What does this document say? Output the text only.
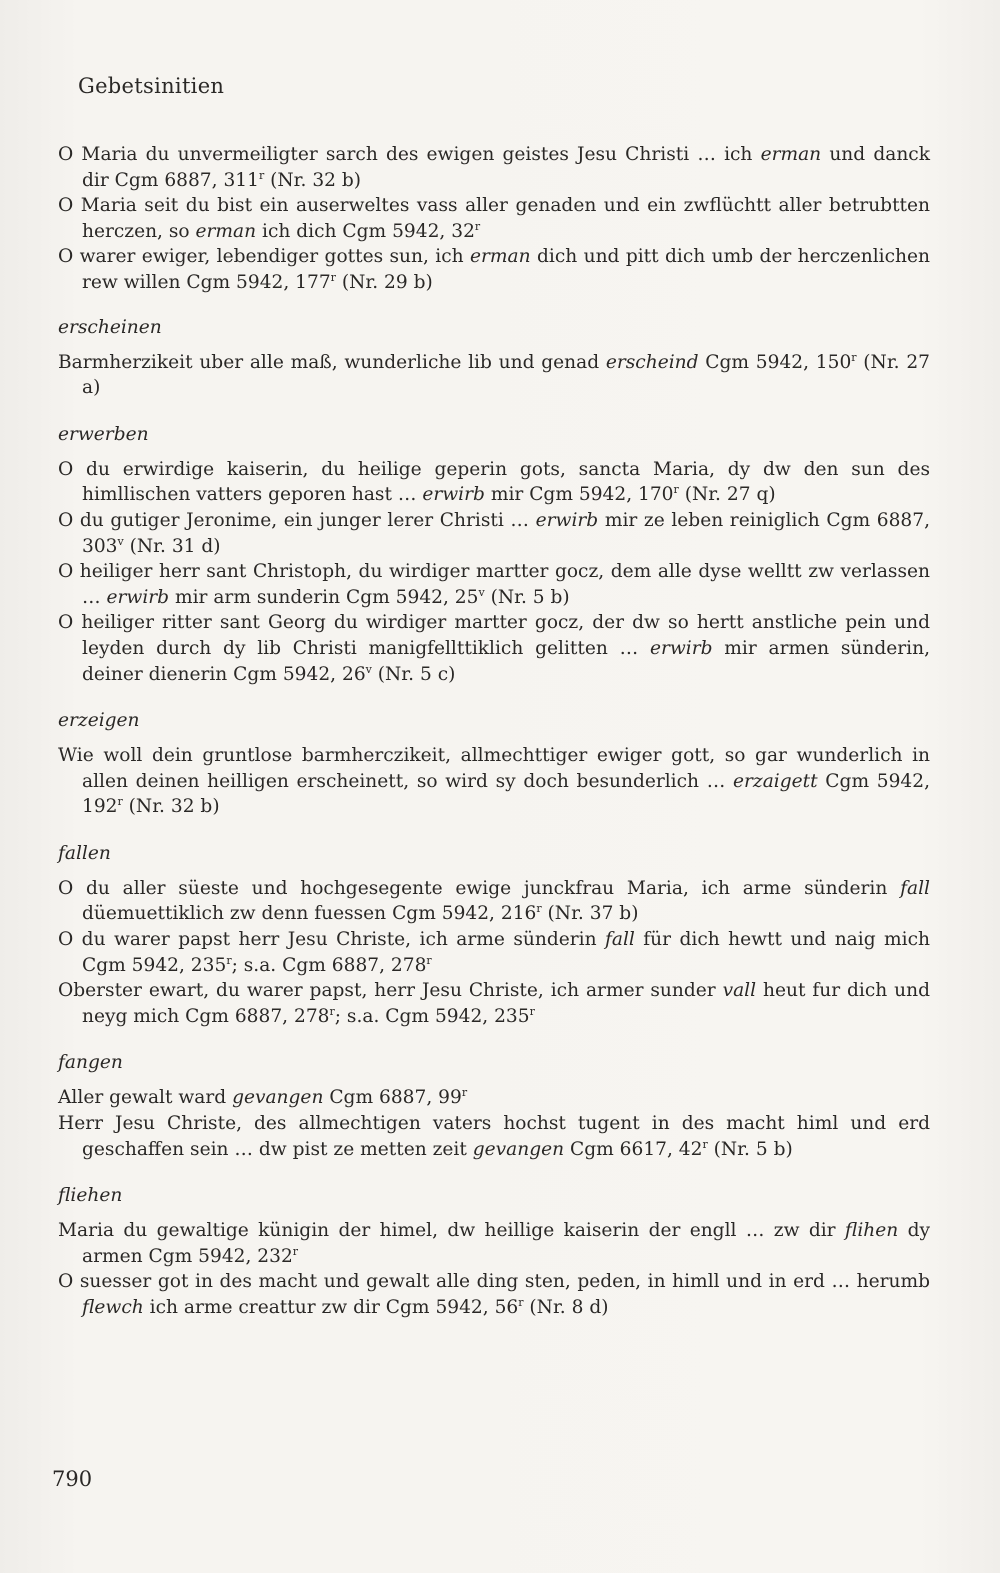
Gebetsinitien

O Maria du unvermeiligter sarch des ewigen geistes Jesu Christi … ich erman und danck dir Cgm 6887, 311$^r$ (Nr. 32 b)

O Maria seit du bist ein auserweltes vass aller genaden und ein zwflüchtt aller betrubtten herczen, so erman ich dich Cgm 5942, 32$^r$

O warer ewiger, lebendiger gottes sun, ich erman dich und pitt dich umb der herczenlichen rew willen Cgm 5942, 177$^r$ (Nr. 29 b)

erscheinen

Barmherzikeit uber alle maß, wunderliche lib und genad erscheind Cgm 5942, 150$^r$ (Nr. 27 a)

erwerben

O du erwirdige kaiserin, du heilige geperin gots, sancta Maria, dy dw den sun des himllischen vatters geporen hast … erwirb mir Cgm 5942, 170$^r$ (Nr. 27 q)

O du gutiger Jeronime, ein junger lerer Christi … erwirb mir ze leben reiniglich Cgm 6887, 303$^v$ (Nr. 31 d)

O heiliger herr sant Christoph, du wirdiger martter gocz, dem alle dyse welltt zw verlassen … erwirb mir arm sunderin Cgm 5942, 25$^v$ (Nr. 5 b)

O heiliger ritter sant Georg du wirdiger martter gocz, der dw so hertt anstliche pein und leyden durch dy lib Christi manigfellttiklich gelitten … erwirb mir armen sünderin, deiner dienerin Cgm 5942, 26$^v$ (Nr. 5 c)

erzeigen

Wie woll dein gruntlose barmherczikeit, allmechttiger ewiger gott, so gar wunderlich in allen deinen heilligen erscheinett, so wird sy doch besunderlich … erzaigett Cgm 5942, 192$^r$ (Nr. 32 b)

fallen

O du aller süeste und hochgesegente ewige junckfrau Maria, ich arme sünderin fall düemuettiklich zw denn fuessen Cgm 5942, 216$^r$ (Nr. 37 b)

O du warer papst herr Jesu Christe, ich arme sünderin fall für dich hewtt und naig mich Cgm 5942, 235$^r$; s.a. Cgm 6887, 278$^r$

Oberster ewart, du warer papst, herr Jesu Christe, ich armer sunder vall heut fur dich und neyg mich Cgm 6887, 278$^r$; s.a. Cgm 5942, 235$^r$

fangen

Aller gewalt ward gevangen Cgm 6887, 99$^r$

Herr Jesu Christe, des allmechtigen vaters hochst tugent in des macht himl und erd geschaffen sein … dw pist ze metten zeit gevangen Cgm 6617, 42$^r$ (Nr. 5 b)

fliehen

Maria du gewaltige künigin der himel, dw heillige kaiserin der engll … zw dir flihen dy armen Cgm 5942, 232$^r$

O suesser got in des macht und gewalt alle ding sten, peden, in himll und in erd … herumb flewch ich arme creattur zw dir Cgm 5942, 56$^r$ (Nr. 8 d)

790
